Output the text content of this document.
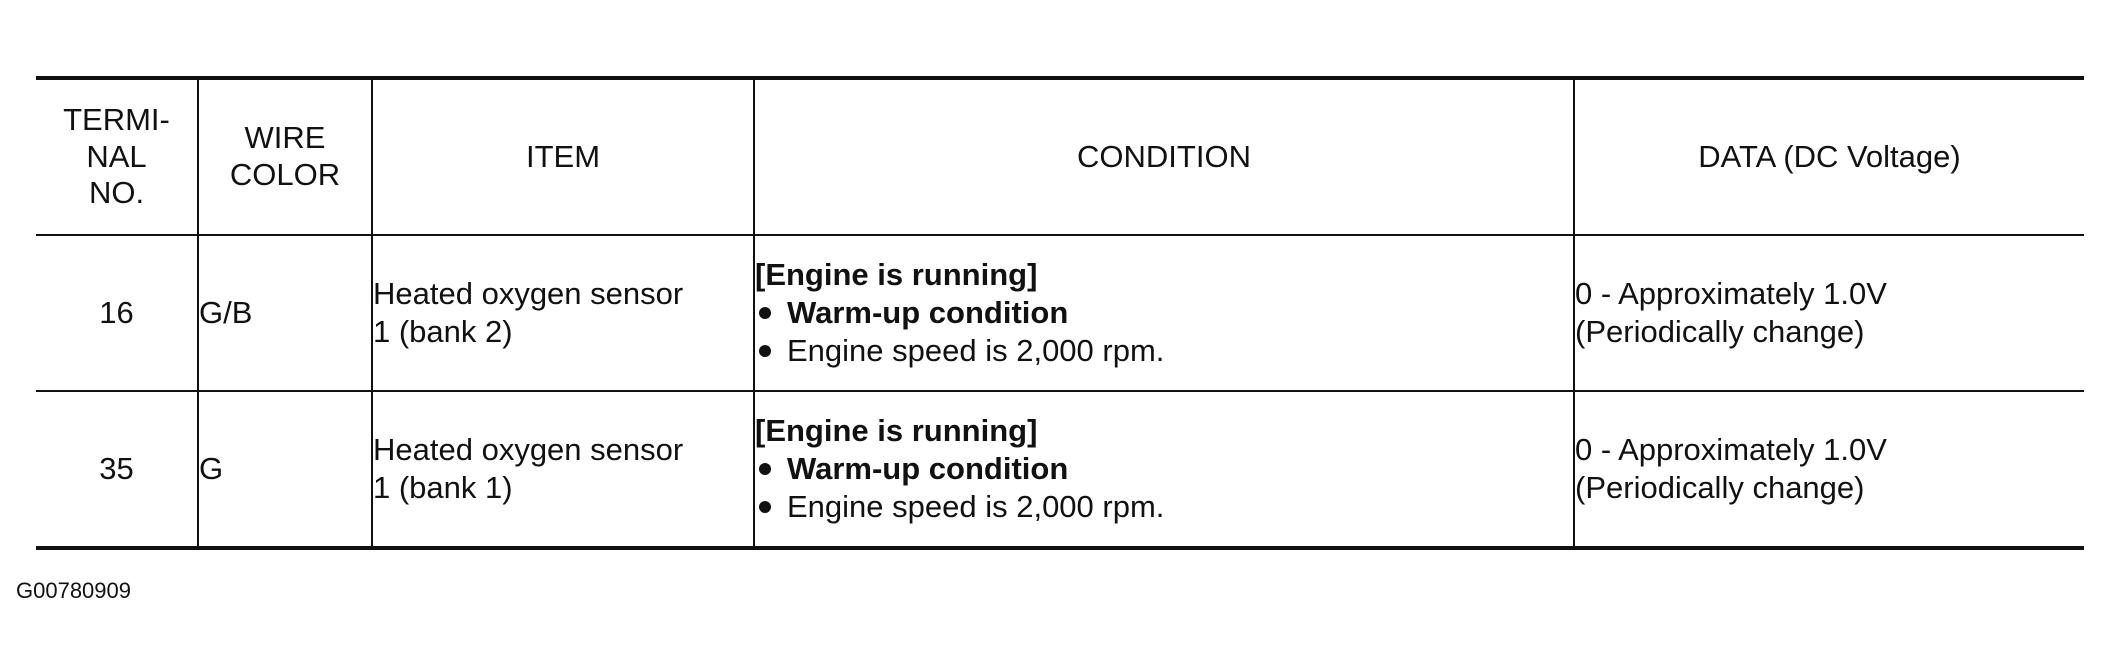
TERMI-
NAL
NO.	WIRE
COLOR	ITEM	CONDITION	DATA (DC Voltage)
16	G/B	Heated oxygen sensor
1 (bank 2)	[Engine is running]
Warm-up condition
Engine speed is 2,000 rpm.	0 - Approximately 1.0V
(Periodically change)

35	G	Heated oxygen sensor
1 (bank 1)	[Engine is running]
Warm-up condition
Engine speed is 2,000 rpm.	0 - Approximately 1.0V
(Periodically change)
G00780909
